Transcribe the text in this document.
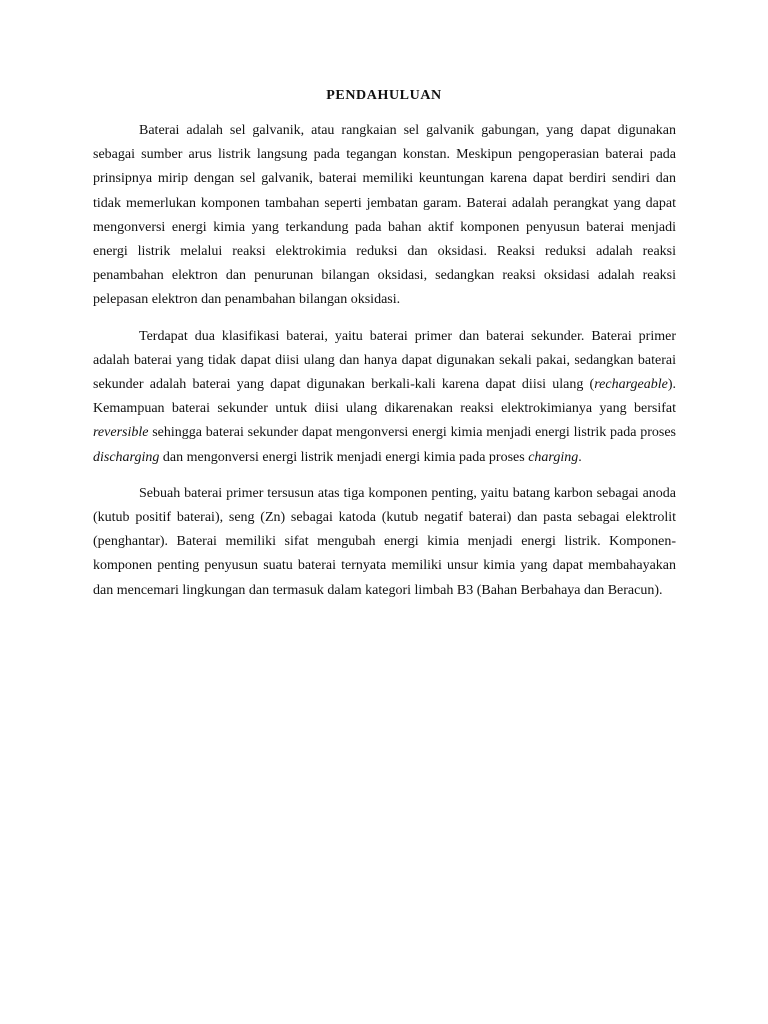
PENDAHULUAN

Baterai adalah sel galvanik, atau rangkaian sel galvanik gabungan, yang dapat digunakan sebagai sumber arus listrik langsung pada tegangan konstan. Meskipun pengoperasian baterai pada prinsipnya mirip dengan sel galvanik, baterai memiliki keuntungan karena dapat berdiri sendiri dan tidak memerlukan komponen tambahan seperti jembatan garam. Baterai adalah perangkat yang dapat mengonversi energi kimia yang terkandung pada bahan aktif komponen penyusun baterai menjadi energi listrik melalui reaksi elektrokimia reduksi dan oksidasi. Reaksi reduksi adalah reaksi penambahan elektron dan penurunan bilangan oksidasi, sedangkan reaksi oksidasi adalah reaksi pelepasan elektron dan penambahan bilangan oksidasi.

Terdapat dua klasifikasi baterai, yaitu baterai primer dan baterai sekunder. Baterai primer adalah baterai yang tidak dapat diisi ulang dan hanya dapat digunakan sekali pakai, sedangkan baterai sekunder adalah baterai yang dapat digunakan berkali-kali karena dapat diisi ulang (rechargeable). Kemampuan baterai sekunder untuk diisi ulang dikarenakan reaksi elektrokimianya yang bersifat reversible sehingga baterai sekunder dapat mengonversi energi kimia menjadi energi listrik pada proses discharging dan mengonversi energi listrik menjadi energi kimia pada proses charging.

Sebuah baterai primer tersusun atas tiga komponen penting, yaitu batang karbon sebagai anoda (kutub positif baterai), seng (Zn) sebagai katoda (kutub negatif baterai) dan pasta sebagai elektrolit (penghantar). Baterai memiliki sifat mengubah energi kimia menjadi energi listrik. Komponen-komponen penting penyusun suatu baterai ternyata memiliki unsur kimia yang dapat membahayakan dan mencemari lingkungan dan termasuk dalam kategori limbah B3 (Bahan Berbahaya dan Beracun).
